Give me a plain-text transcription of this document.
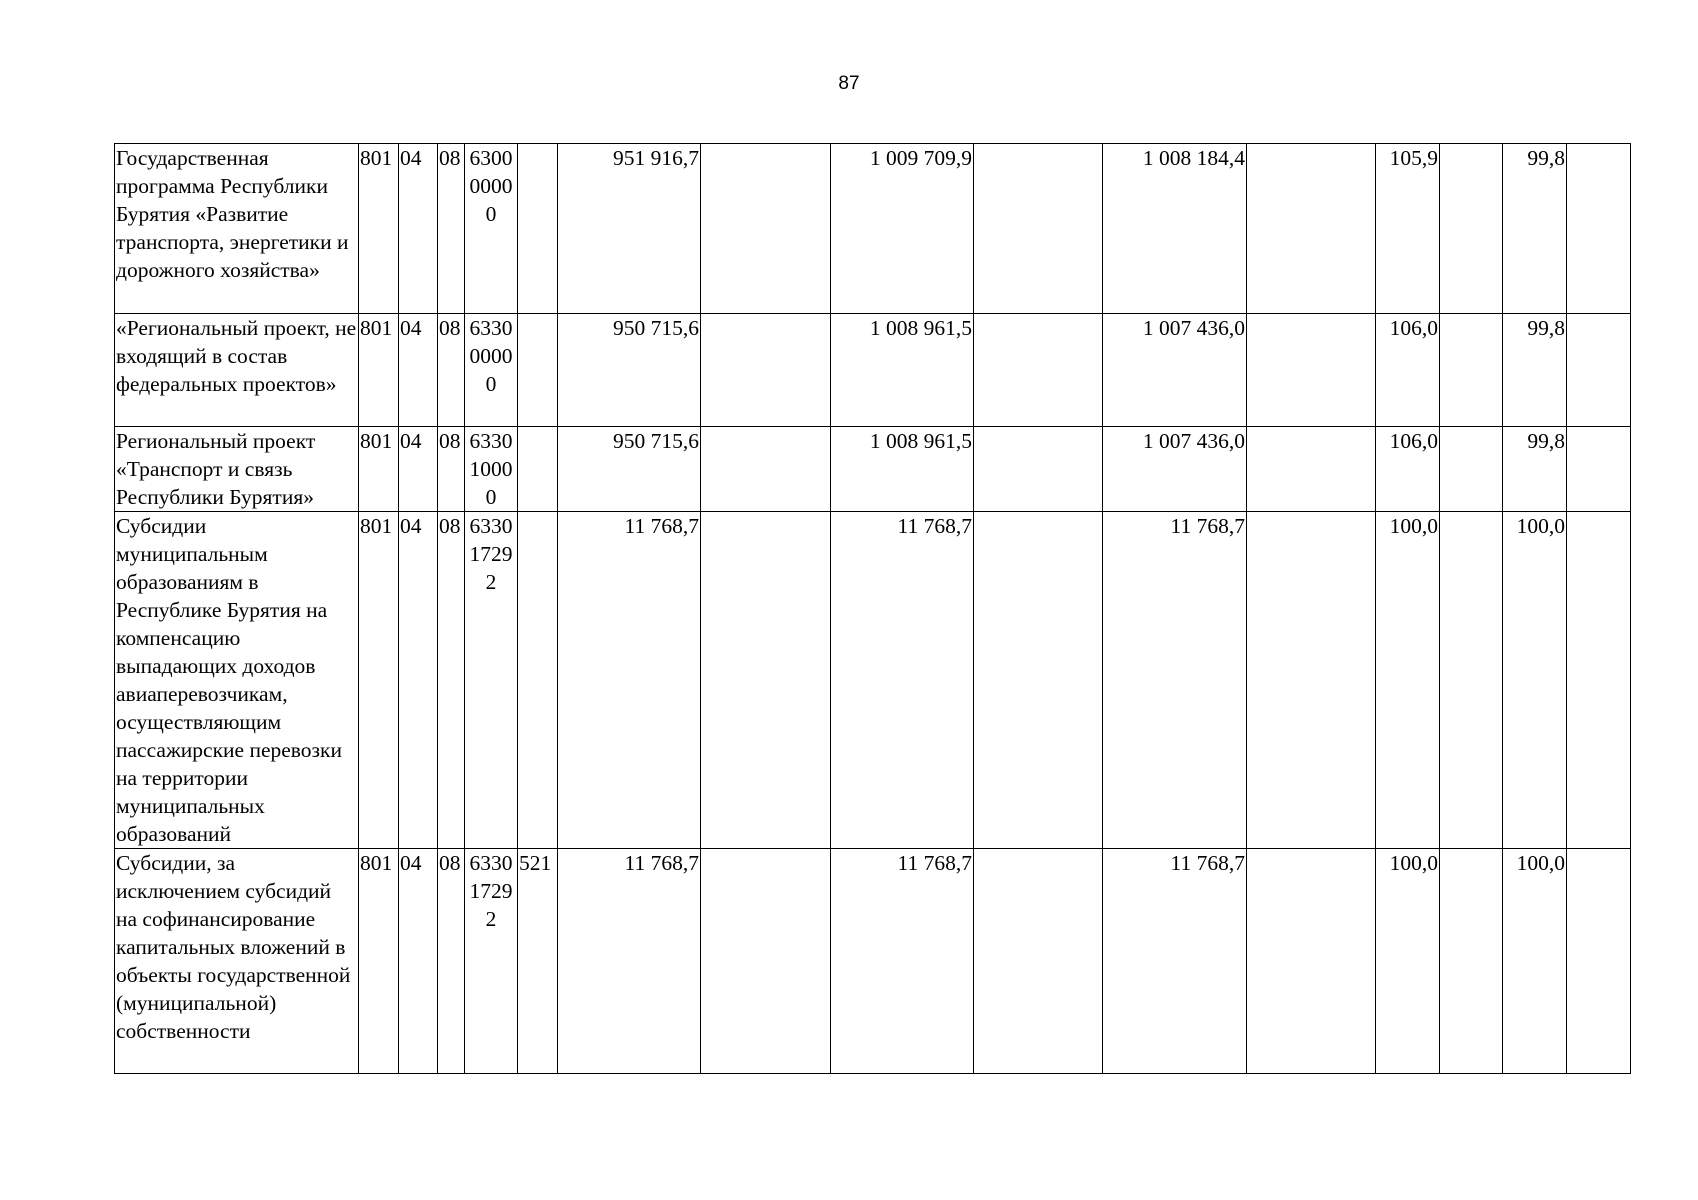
87
Государственная программа Республики Бурятия «Развитие транспорта, энергетики и дорожного хозяйства»	801	04	08	630000000		951 916,7		1 009 709,9		1 008 184,4		105,9		99,8	
«Региональный проект, не входящий в состав федеральных проектов»	801	04	08	633000000		950 715,6		1 008 961,5		1 007 436,0		106,0		99,8	
Региональный проект «Транспорт и связь Республики Бурятия»	801	04	08	633010000		950 715,6		1 008 961,5		1 007 436,0		106,0		99,8	
Субсидии муниципальным образованиям в Республике Бурятия на компенсацию выпадающих доходов авиаперевозчикам, осуществляющим пассажирские перевозки на территории муниципальных образований	801	04	08	633017292		11 768,7		11 768,7		11 768,7		100,0		100,0	
Субсидии, за исключением субсидий на софинансирование капитальных вложений в объекты государственной (муниципальной) собственности	801	04	08	633017292	521	11 768,7		11 768,7		11 768,7		100,0		100,0	
